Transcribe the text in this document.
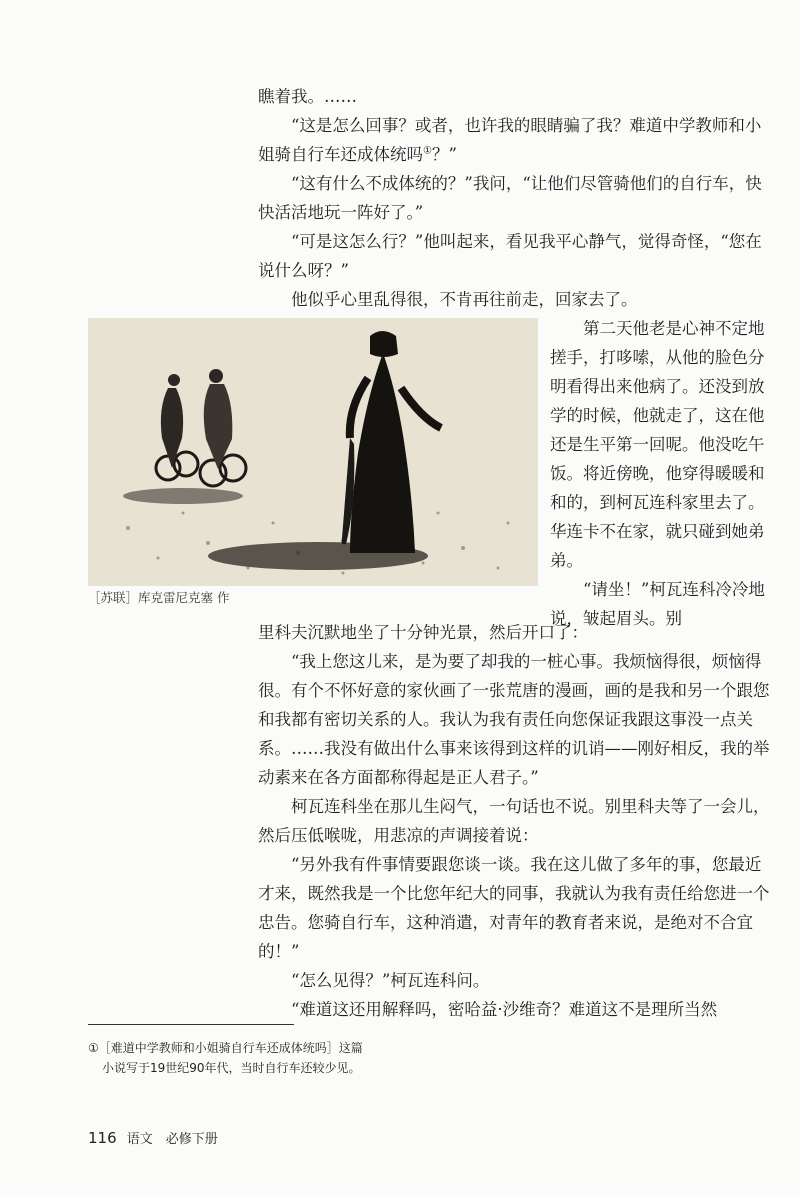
瞧着我。……

“这是怎么回事？或者，也许我的眼睛骗了我？难道中学教师和小姐骑自行车还成体统吗①？”

“这有什么不成体统的？”我问，“让他们尽管骑他们的自行车，快快活活地玩一阵好了。”

“可是这怎么行？”他叫起来，看见我平心静气，觉得奇怪，“您在说什么呀？”

他似乎心里乱得很，不肯再往前走，回家去了。

［苏联］库克雷尼克塞 作

第二天他老是心神不定地搓手，打哆嗦，从他的脸色分明看得出来他病了。还没到放学的时候，他就走了，这在他还是生平第一回呢。他没吃午饭。将近傍晚，他穿得暖暖和和的，到柯瓦连科家里去了。华连卡不在家，就只碰到她弟弟。

“请坐！”柯瓦连科冷冷地说，皱起眉头。别

里科夫沉默地坐了十分钟光景，然后开口了：

“我上您这儿来，是为要了却我的一桩心事。我烦恼得很，烦恼得很。有个不怀好意的家伙画了一张荒唐的漫画，画的是我和另一个跟您和我都有密切关系的人。我认为我有责任向您保证我跟这事没一点关系。……我没有做出什么事来该得到这样的讥诮——刚好相反，我的举动素来在各方面都称得起是正人君子。”

柯瓦连科坐在那儿生闷气，一句话也不说。别里科夫等了一会儿，然后压低喉咙，用悲凉的声调接着说：

“另外我有件事情要跟您谈一谈。我在这儿做了多年的事，您最近才来，既然我是一个比您年纪大的同事，我就认为我有责任给您进一个忠告。您骑自行车，这种消遣，对青年的教育者来说，是绝对不合宜的！”

“怎么见得？”柯瓦连科问。

“难道这还用解释吗，密哈益·沙维奇？难道这不是理所当然

①［难道中学教师和小姐骑自行车还成体统吗］这篇

小说写于19世纪90年代，当时自行车还较少见。

116 语文　必修下册
